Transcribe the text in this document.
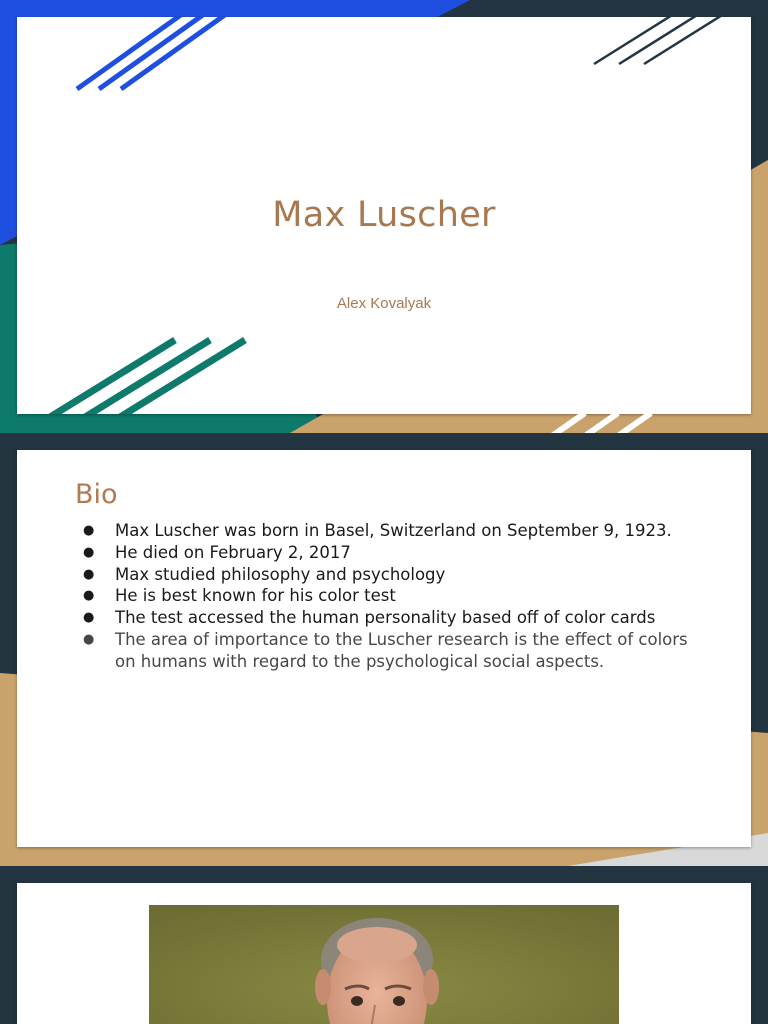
Max Luscher
Alex Kovalyak
Bio
● Max Luscher was born in Basel, Switzerland on September 9, 1923.
● He died on February 2, 2017
● Max studied philosophy and psychology
● He is best known for his color test
● The test accessed the human personality based off of color cards
● The area of importance to the Luscher research is the effect of colors on humans with regard to the psychological social aspects.
